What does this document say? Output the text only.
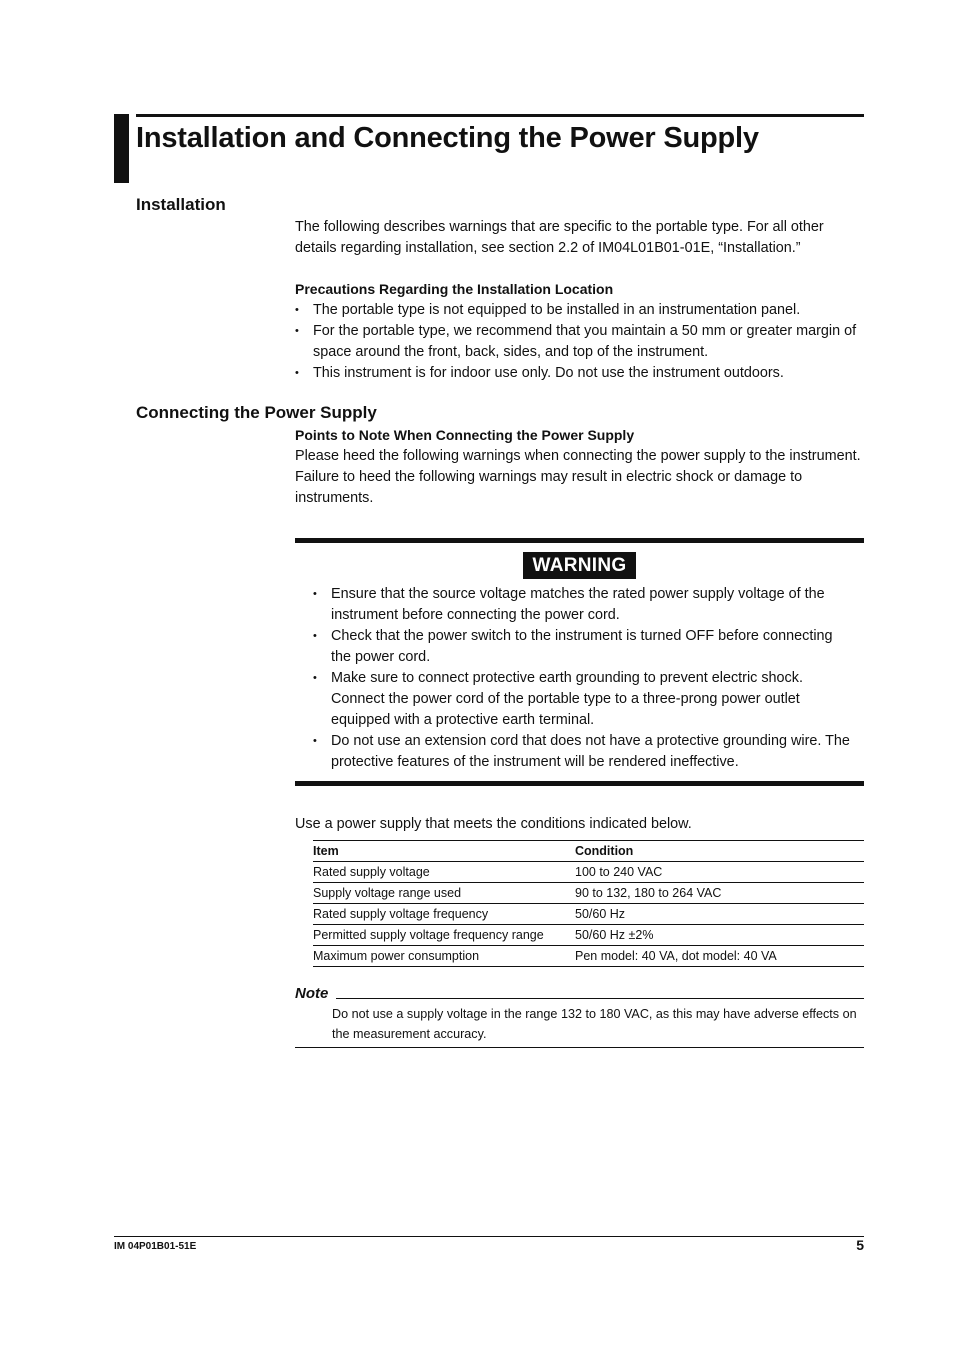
Installation and Connecting the Power Supply
Installation
The following describes warnings that are specific to the portable type. For all other
details regarding installation, see section 2.2 of IM04L01B01-01E, “Installation.”
Precautions Regarding the Installation Location
• The portable type is not equipped to be installed in an instrumentation panel.
• For the portable type, we recommend that you maintain a 50 mm or greater margin of space around the front, back, sides, and top of the instrument.
• This instrument is for indoor use only. Do not use the instrument outdoors.
Connecting the Power Supply
Points to Note When Connecting the Power Supply
Please heed the following warnings when connecting the power supply to the instrument. Failure to heed the following warnings may result in electric shock or damage to instruments.
WARNING
• Ensure that the source voltage matches the rated power supply voltage of the instrument before connecting the power cord.
• Check that the power switch to the instrument is turned OFF before connecting the power cord.
• Make sure to connect protective earth grounding to prevent electric shock. Connect the power cord of the portable type to a three-prong power outlet equipped with a protective earth terminal.
• Do not use an extension cord that does not have a protective grounding wire. The protective features of the instrument will be rendered ineffective.
Use a power supply that meets the conditions indicated below.
Item	Condition
Rated supply voltage	100 to 240 VAC
Supply voltage range used	90 to 132, 180 to 264 VAC
Rated supply voltage frequency	50/60 Hz
Permitted supply voltage frequency range	50/60 Hz ±2%
Maximum power consumption	Pen model: 40 VA, dot model: 40 VA
Note
Do not use a supply voltage in the range 132 to 180 VAC, as this may have adverse effects on the measurement accuracy.
IM 04P01B01-51E	5
